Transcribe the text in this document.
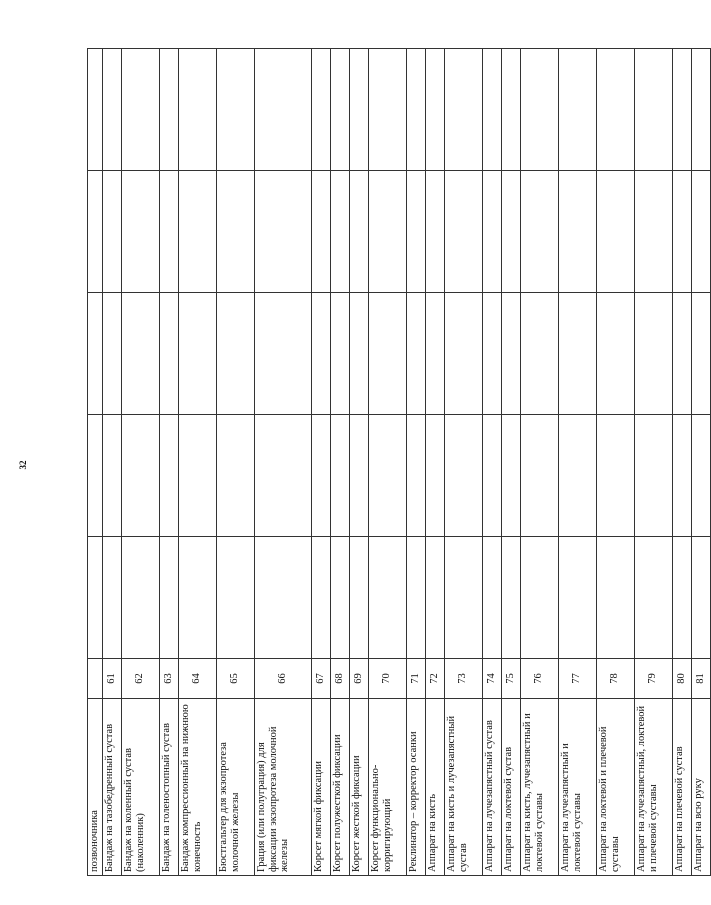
32
позвоночника						
Бандаж на тазобедренный сустав	61					
Бандаж на коленный сустав (наколенник)	62					
Бандаж на голеностопный сустав	63					
Бандаж компрессионный на нижнюю конечность	64					
Бюстгальтер для экзопротеза молочной железы	65					
Грация (или полуграция) для фиксации экзопротеза молочной железы	66					
Корсет мягкой фиксации	67					
Корсет полужесткой фиксации	68					
Корсет жесткой фиксации	69					
Корсет функционально-корригирующий	70					
Реклинатор – корректор осанки	71					
Аппарат на кисть	72					
Аппарат на кисть и лучезапястный сустав	73					
Аппарат на лучезапястный сустав	74					
Аппарат на локтевой сустав	75					
Аппарат на кисть, лучезапястный и локтевой суставы	76					
Аппарат на лучезапястный и локтевой суставы	77					
Аппарат на локтевой и плечевой суставы	78					
Аппарат на лучезапястный, локтевой и плечевой суставы	79					
Аппарат на плечевой сустав	80					
Аппарат на всю руку	81					
